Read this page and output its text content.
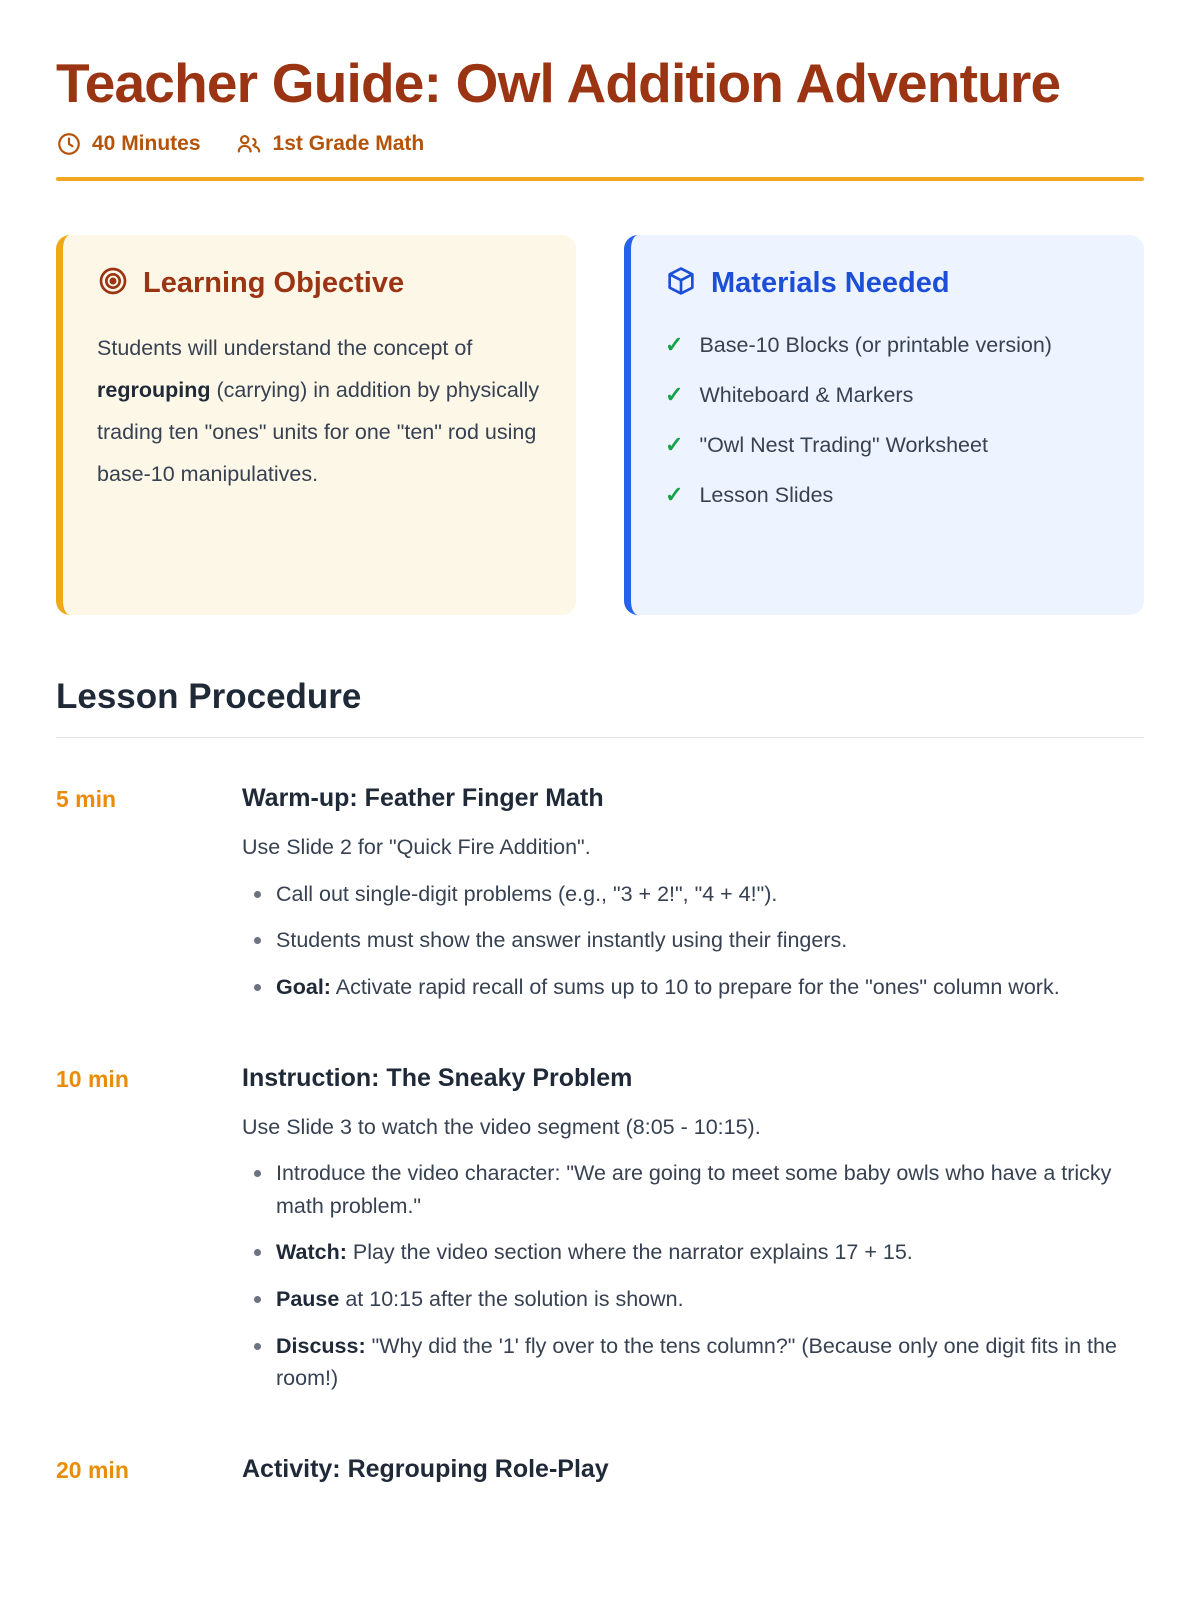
Teacher Guide: Owl Addition Adventure
40 Minutes	1st Grade Math
Learning Objective
Students will understand the concept of regrouping (carrying) in addition by physically trading ten "ones" units for one "ten" rod using base-10 manipulatives.
Materials Needed
✓ Base-10 Blocks (or printable version)
✓ Whiteboard & Markers
✓ "Owl Nest Trading" Worksheet
✓ Lesson Slides
Lesson Procedure
5 min	Warm-up: Feather Finger Math
Use Slide 2 for "Quick Fire Addition".
Call out single-digit problems (e.g., "3 + 2!", "4 + 4!").
Students must show the answer instantly using their fingers.
Goal: Activate rapid recall of sums up to 10 to prepare for the "ones" column work.
10 min	Instruction: The Sneaky Problem
Use Slide 3 to watch the video segment (8:05 - 10:15).
Introduce the video character: "We are going to meet some baby owls who have a tricky math problem."
Watch: Play the video section where the narrator explains 17 + 15.
Pause at 10:15 after the solution is shown.
Discuss: "Why did the '1' fly over to the tens column?" (Because only one digit fits in the room!)
20 min	Activity: Regrouping Role-Play
